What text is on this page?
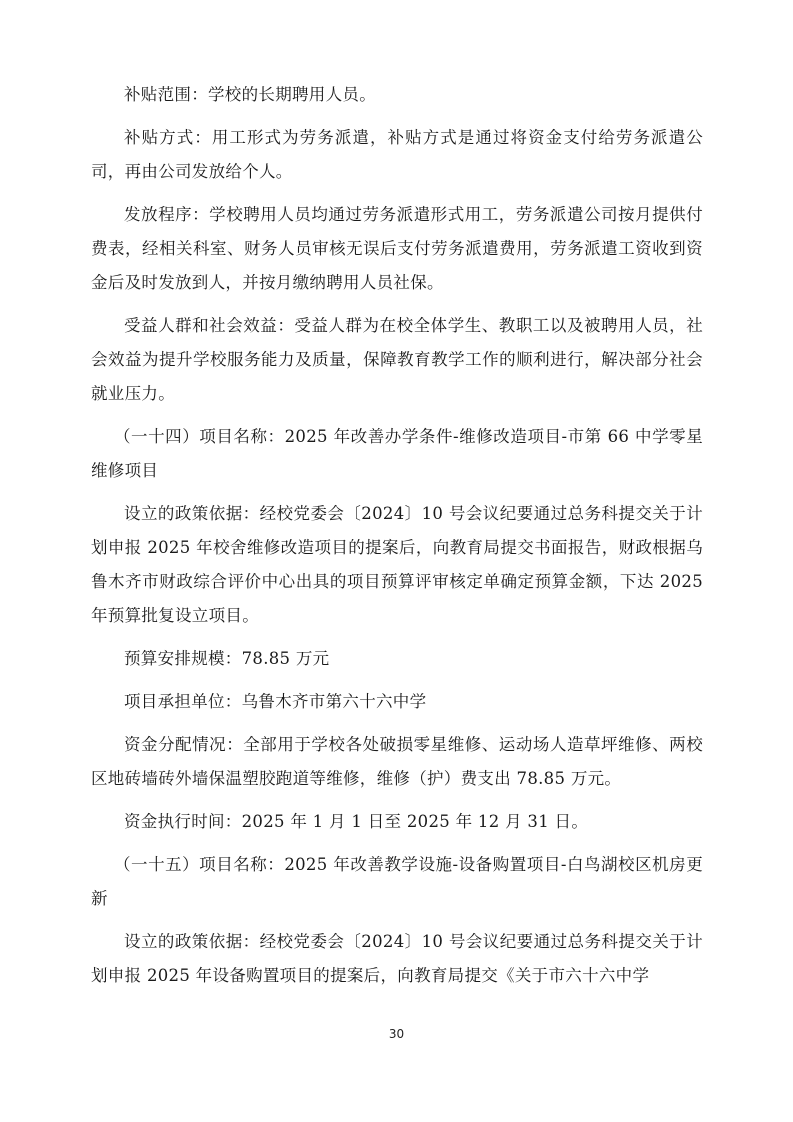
补贴范围：学校的长期聘用人员。

补贴方式：用工形式为劳务派遣，补贴方式是通过将资金支付给劳务派遣公司，再由公司发放给个人。

发放程序：学校聘用人员均通过劳务派遣形式用工，劳务派遣公司按月提供付费表，经相关科室、财务人员审核无误后支付劳务派遣费用，劳务派遣工资收到资金后及时发放到人，并按月缴纳聘用人员社保。

受益人群和社会效益：受益人群为在校全体学生、教职工以及被聘用人员，社会效益为提升学校服务能力及质量，保障教育教学工作的顺利进行，解决部分社会就业压力。

（一十四）项目名称：2025 年改善办学条件-维修改造项目-市第 66 中学零星维修项目

设立的政策依据：经校党委会〔2024〕10 号会议纪要通过总务科提交关于计划申报 2025 年校舍维修改造项目的提案后，向教育局提交书面报告，财政根据乌鲁木齐市财政综合评价中心出具的项目预算评审核定单确定预算金额，下达 2025 年预算批复设立项目。

预算安排规模：78.85 万元

项目承担单位：乌鲁木齐市第六十六中学

资金分配情况：全部用于学校各处破损零星维修、运动场人造草坪维修、两校区地砖墙砖外墙保温塑胶跑道等维修，维修（护）费支出 78.85 万元。

资金执行时间：2025 年 1 月 1 日至 2025 年 12 月 31 日。

（一十五）项目名称：2025 年改善教学设施-设备购置项目-白鸟湖校区机房更新

设立的政策依据：经校党委会〔2024〕10 号会议纪要通过总务科提交关于计划申报 2025 年设备购置项目的提案后，向教育局提交《关于市六十六中学

30
